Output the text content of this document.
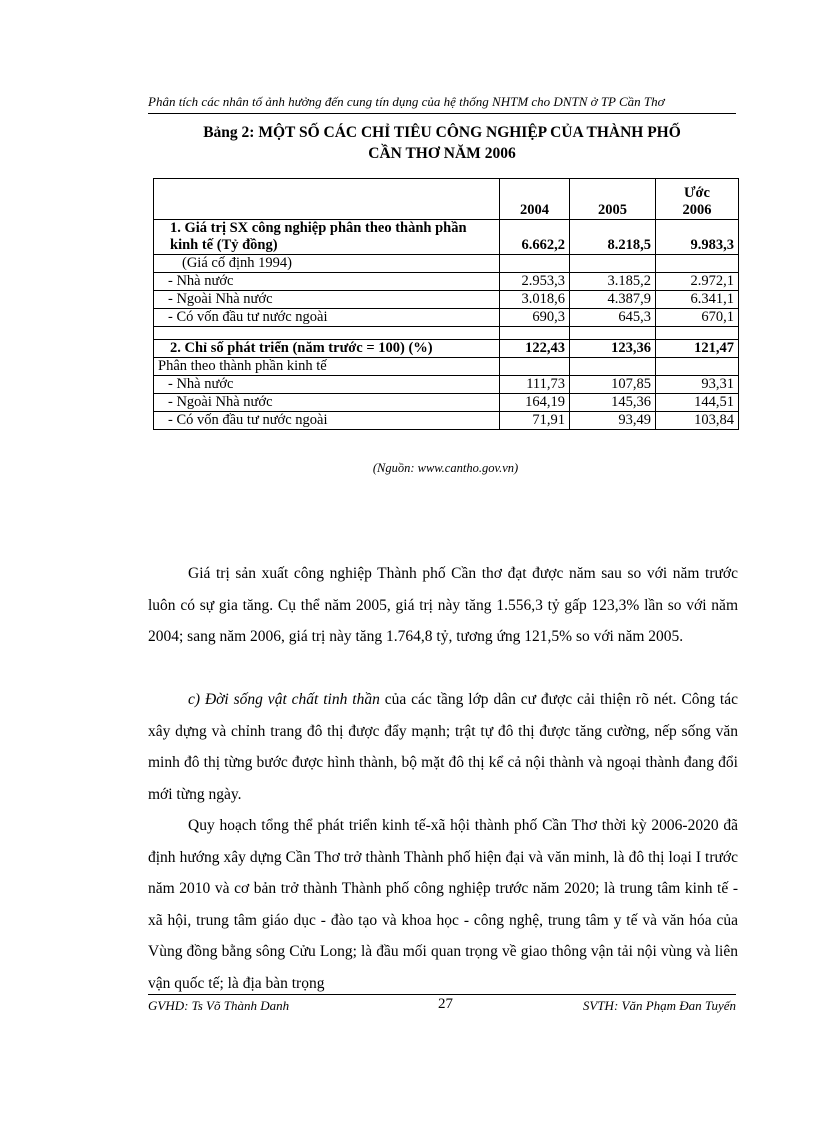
Phân tích các nhân tố ảnh hưởng đến cung tín dụng của hệ thống NHTM cho DNTN ở TP Cần Thơ
Bảng 2: MỘT SỐ CÁC CHỈ TIÊU CÔNG NGHIỆP CỦA THÀNH PHỐ
CẦN THƠ NĂM 2006
	2004	2005	Ước
2006

1. Giá trị SX công nghiệp phân theo thành phần kinh tế (Tỷ đồng)	6.662,2	8.218,5	9.983,3
(Giá cố định 1994)			
- Nhà nước	2.953,3	3.185,2	2.972,1
- Ngoài Nhà nước	3.018,6	4.387,9	6.341,1
- Có vốn đầu tư nước ngoài	690,3	645,3	670,1

2. Chỉ số phát triển (năm trước = 100) (%)	122,43	123,36	121,47
Phân theo thành phần kinh tế			
- Nhà nước	111,73	107,85	93,31
- Ngoài Nhà nước	164,19	145,36	144,51
- Có vốn đầu tư nước ngoài	71,91	93,49	103,84
(Nguồn: www.cantho.gov.vn)

Giá trị sản xuất công nghiệp Thành phố Cần thơ đạt được năm sau so với năm trước luôn có sự gia tăng. Cụ thể năm 2005, giá trị này tăng 1.556,3 tỷ gấp 123,3% lần so với năm 2004; sang năm 2006, giá trị này tăng 1.764,8 tỷ, tương ứng 121,5% so với năm 2005.

c) Đời sống vật chất tinh thần của các tầng lớp dân cư được cải thiện rõ nét. Công tác xây dựng và chỉnh trang đô thị được đẩy mạnh; trật tự đô thị được tăng cường, nếp sống văn minh đô thị từng bước được hình thành, bộ mặt đô thị kể cả nội thành và ngoại thành đang đổi mới từng ngày.

Quy hoạch tổng thể phát triển kinh tế-xã hội thành phố Cần Thơ thời kỳ 2006-2020 đã định hướng xây dựng Cần Thơ trở thành Thành phố hiện đại và văn minh, là đô thị loại I trước năm 2010 và cơ bản trở thành Thành phố công nghiệp trước năm 2020; là trung tâm kinh tế - xã hội, trung tâm giáo dục - đào tạo và khoa học - công nghệ, trung tâm y tế và văn hóa của Vùng đồng bằng sông Cửu Long; là đầu mối quan trọng về giao thông vận tải nội vùng và liên vận quốc tế; là địa bàn trọng

GVHD: Ts Võ Thành Danh	27	SVTH: Văn Phạm Đan Tuyến
